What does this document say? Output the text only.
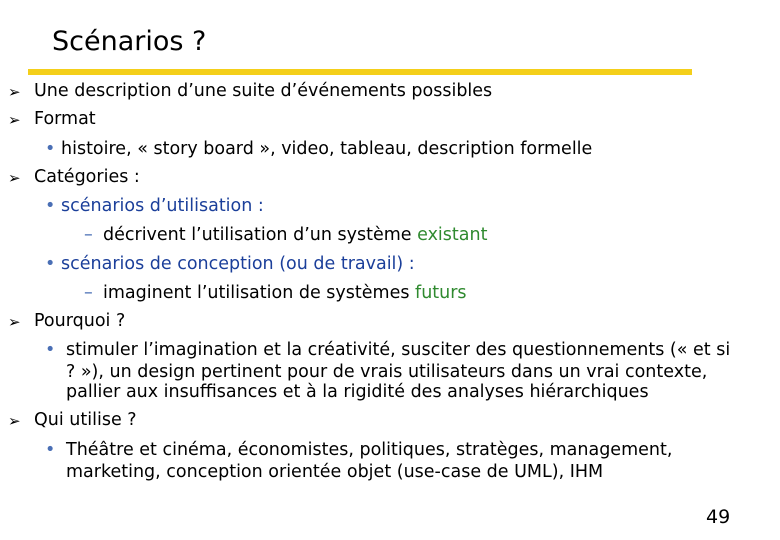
Scénarios ?
➢ Une description d’une suite d’événements possibles
➢ Format
• histoire, « story board », video, tableau, description formelle
➢ Catégories :
• scénarios d’utilisation :
– décrivent l’utilisation d’un système existant
• scénarios de conception (ou de travail) :
– imaginent l’utilisation de systèmes futurs
➢ Pourquoi ?
• stimuler l’imagination et la créativité, susciter des questionnements (« et si
? »), un design pertinent pour de vrais utilisateurs dans un vrai contexte,
pallier aux insuffisances et à la rigidité des analyses hiérarchiques
➢ Qui utilise ?
• Théâtre et cinéma, économistes, politiques, stratèges, management,
marketing, conception orientée objet (use-case de UML), IHM
49
